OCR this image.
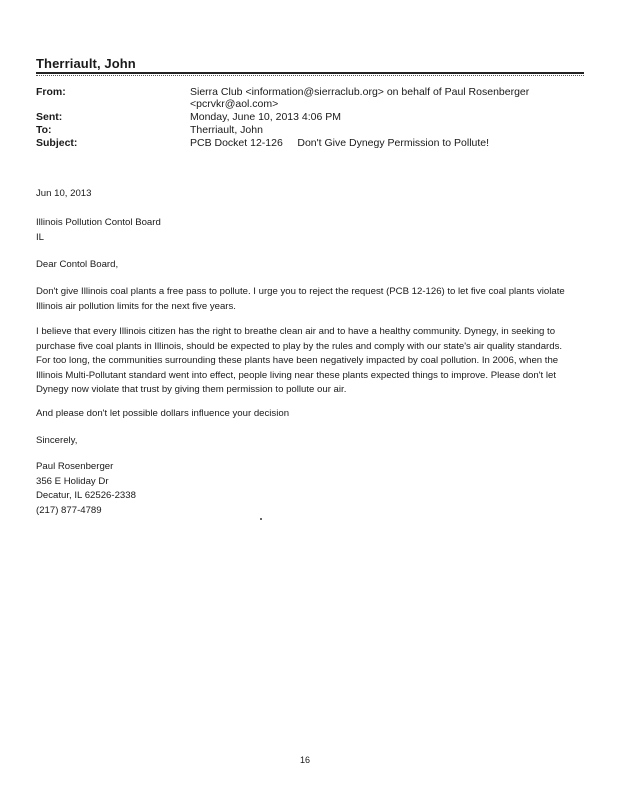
Therriault, John
From:	Sierra Club <information@sierraclub.org> on behalf of Paul Rosenberger
<pcrvkr@aol.com>
Sent:	Monday, June 10, 2013 4:06 PM
To:	Therriault, John
Subject:	PCB Docket 12-126     Don't Give Dynegy Permission to Pollute!
Jun 10, 2013

Illinois Pollution Contol Board

IL

Dear Contol Board,
Don't give Illinois coal plants a free pass to pollute. I urge you to reject the request (PCB 12-126) to let five coal plants violate Illinois air pollution limits for the next five years.
I believe that every Illinois citizen has the right to breathe clean air and to have a healthy community. Dynegy, in seeking to purchase five coal plants in Illinois, should be expected to play by the rules and comply with our state's air quality standards. For too long, the communities surrounding these plants have been negatively impacted by coal pollution. In 2006, when the Illinois Multi-Pollutant standard went into effect, people living near these plants expected things to improve. Please don't let Dynegy now violate that trust by giving them permission to pollute our air.
And please don't let possible dollars influence your decision
Sincerely,

Paul Rosenberger

356 E Holiday Dr

Decatur, IL 62526-2338

(217) 877-4789

16
